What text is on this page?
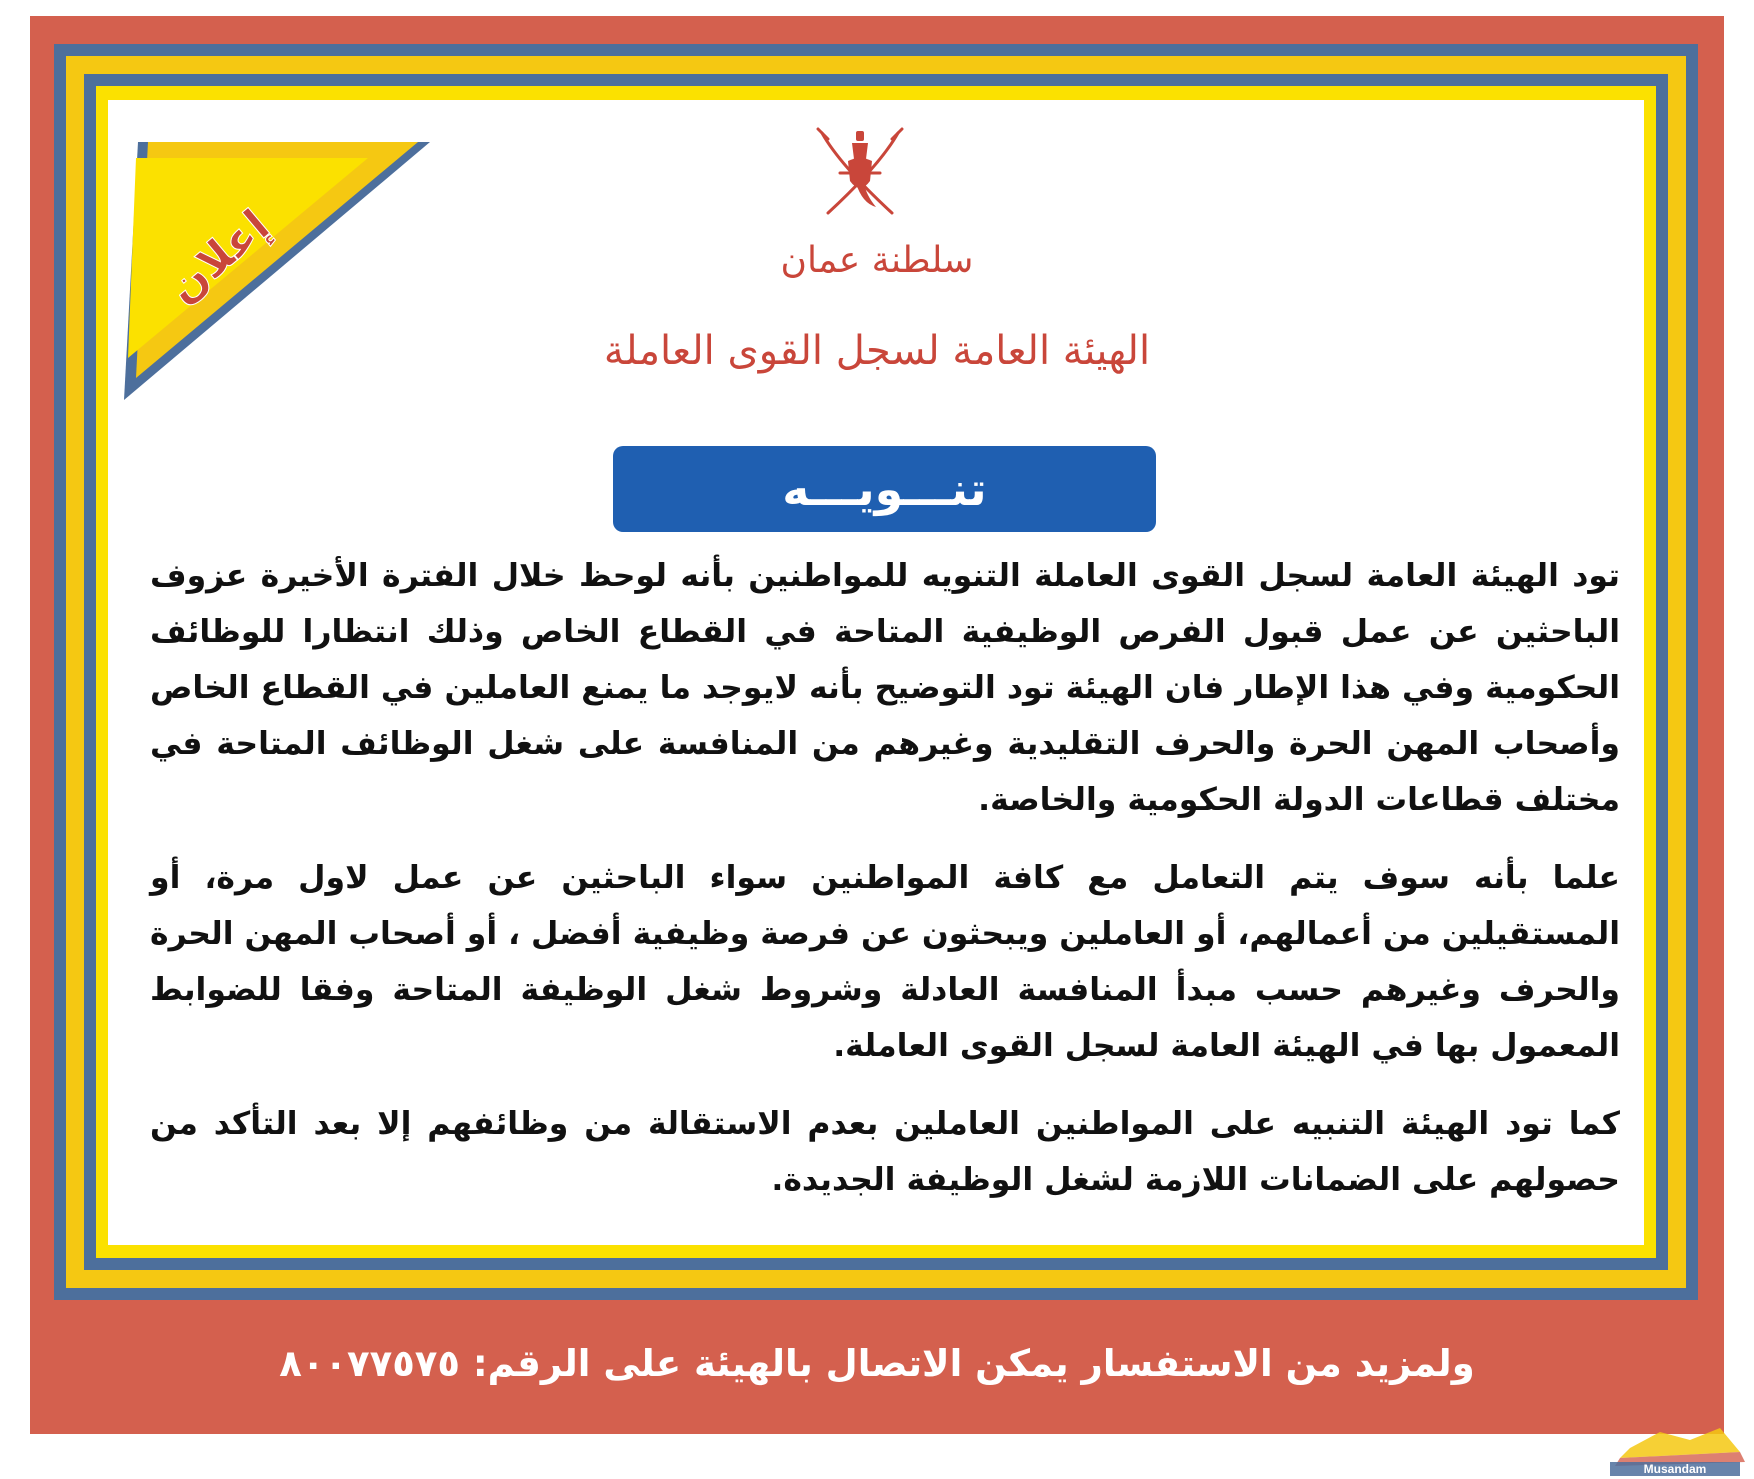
إعلان	سلطنة عمان
الهيئة العامة لسجل القوى العاملة
تنـــويـــه

تود الهيئة العامة لسجل القوى العاملة التنويه للمواطنين بأنه لوحظ خلال الفترة الأخيرة عزوف الباحثين عن عمل قبول الفرص الوظيفية المتاحة في القطاع الخاص وذلك انتظارا للوظائف الحكومية وفي هذا الإطار فان الهيئة تود التوضيح بأنه لايوجد ما يمنع العاملين في القطاع الخاص وأصحاب المهن الحرة والحرف التقليدية وغيرهم من المنافسة على شغل الوظائف المتاحة في مختلف قطاعات الدولة الحكومية والخاصة.

علما بأنه سوف يتم التعامل مع كافة المواطنين سواء الباحثين عن عمل لاول مرة، أو المستقيلين من أعمالهم، أو العاملين ويبحثون عن فرصة وظيفية أفضل ، أو أصحاب المهن الحرة والحرف وغيرهم حسب مبدأ المنافسة العادلة وشروط شغل الوظيفة المتاحة وفقا للضوابط المعمول بها في الهيئة العامة لسجل القوى العاملة.

كما تود الهيئة التنبيه على المواطنين العاملين بعدم الاستقالة من وظائفهم إلا بعد التأكد من حصولهم على الضمانات اللازمة لشغل الوظيفة الجديدة.

ولمزيد من الاستفسار يمكن الاتصال بالهيئة على الرقم: ٨٠٠٧٧٥٧٥
Musandam
